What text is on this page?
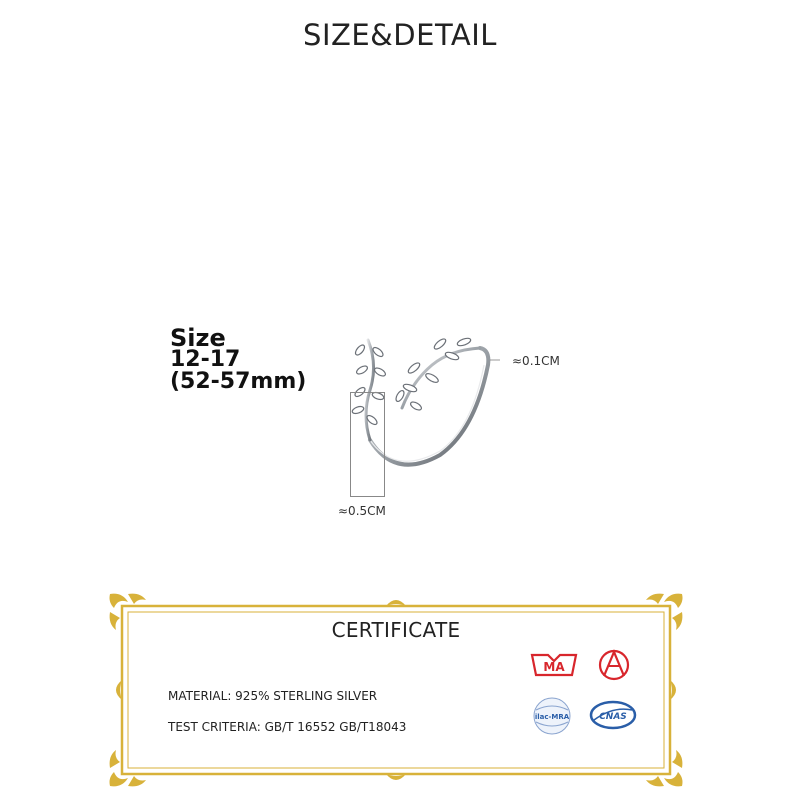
SIZE&DETAIL
Size
12-17
(52-57mm)
≈0.1CM
≈0.5CM
CERTIFICATE
MATERIAL: 925% STERLING SILVER
TEST CRITERIA: GB/T 16552 GB/T18043
MA
ilac-MRA	CNAS
